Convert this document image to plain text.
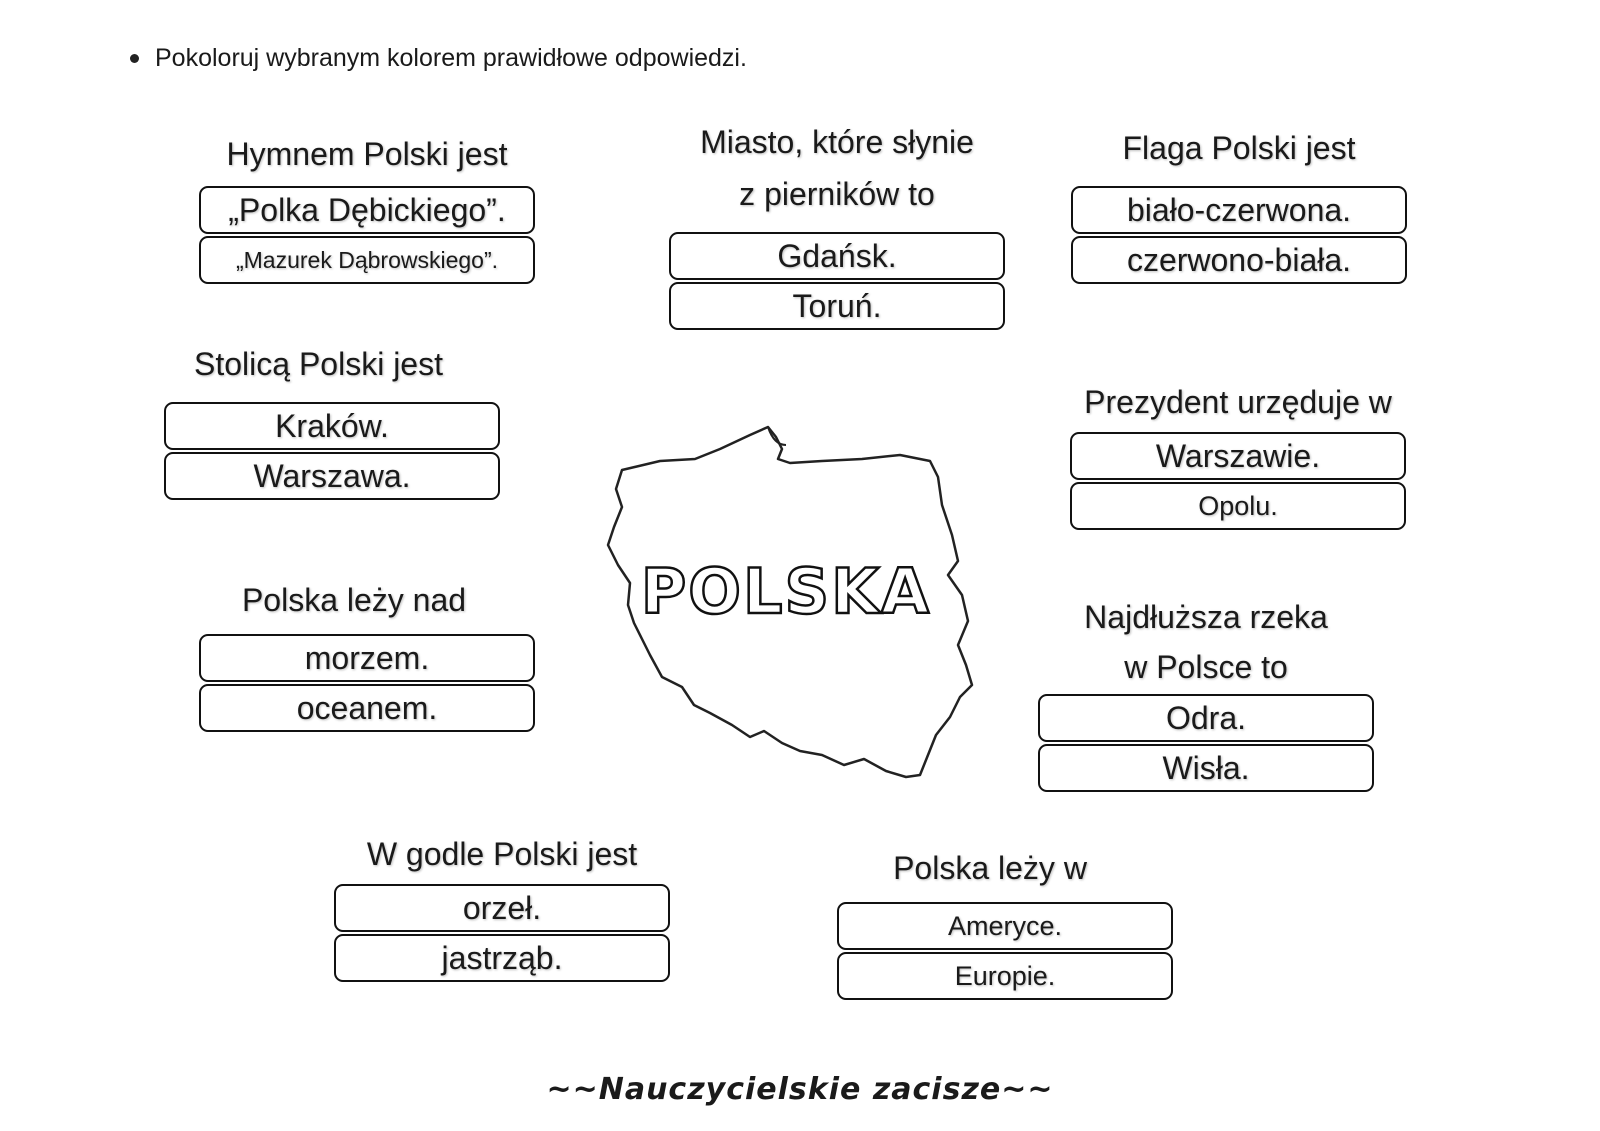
Pokoloruj wybranym kolorem prawidłowe odpowiedzi.
Hymnem Polski jest
„Polka Dębickiego”.
„Mazurek Dąbrowskiego”.
Miasto, które słynie
z pierników to
Gdańsk.
Toruń.
Flaga Polski jest
biało-czerwona.
czerwono-biała.
Stolicą Polski jest
Kraków.
Warszawa.
Prezydent urzęduje w
Warszawie.
Opolu.
Polska leży nad
morzem.
oceanem.
Najdłuższa rzeka
w Polsce to
Odra.
Wisła.
W godle Polski jest
orzeł.
jastrząb.
Polska leży w
Ameryce.
Europie.
POLSKA
~~Nauczycielskie zacisze~~
